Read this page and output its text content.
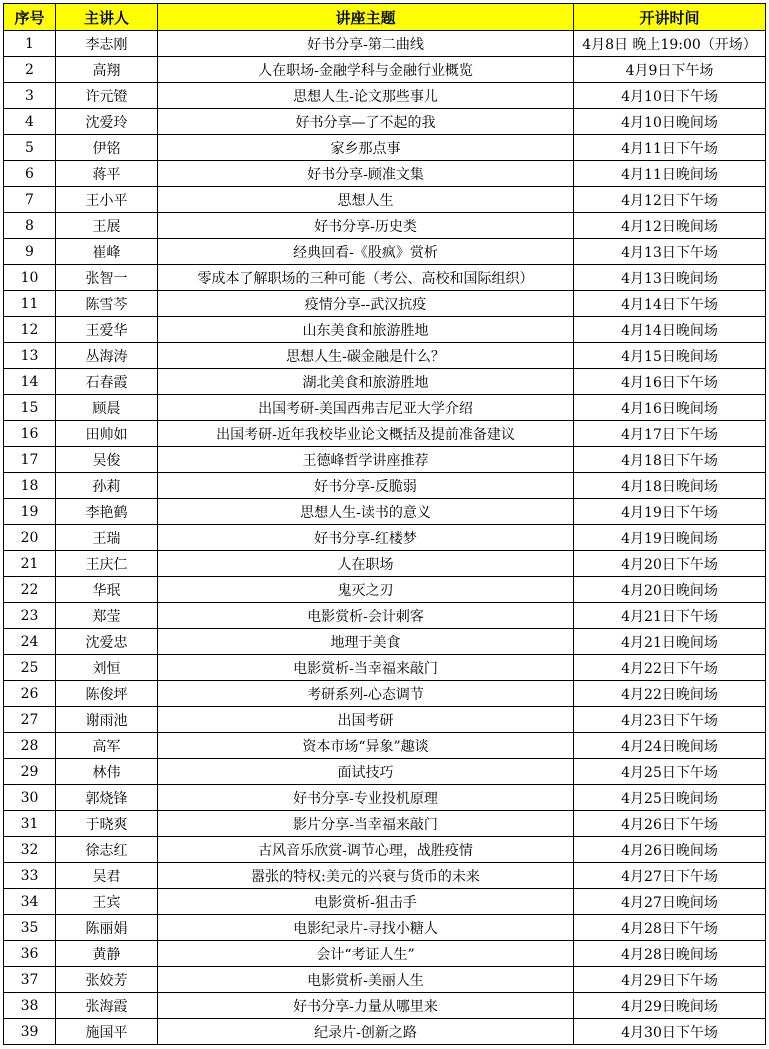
序号	主讲人	讲座主题	开讲时间
1	李志刚	好书分享-第二曲线	4月8日 晚上19:00（开场）
2	高翔	人在职场-金融学科与金融行业概览	4月9日下午场
3	许元镫	思想人生-论文那些事儿	4月10日下午场
4	沈爱玲	好书分享—了不起的我	4月10日晚间场
5	伊铭	家乡那点事	4月11日下午场
6	蒋平	好书分享-顾准文集	4月11日晚间场
7	王小平	思想人生	4月12日下午场
8	王展	好书分享-历史类	4月12日晚间场
9	崔峰	经典回看-《股疯》赏析	4月13日下午场
10	张智一	零成本了解职场的三种可能（考公、高校和国际组织）	4月13日晚间场
11	陈雪芩	疫情分享--武汉抗疫	4月14日下午场
12	王爱华	山东美食和旅游胜地	4月14日晚间场
13	丛海涛	思想人生-碳金融是什么？	4月15日晚间场
14	石春霞	湖北美食和旅游胜地	4月16日下午场
15	顾晨	出国考研-美国西弗吉尼亚大学介绍	4月16日晚间场
16	田帅如	出国考研-近年我校毕业论文概括及提前准备建议	4月17日下午场
17	吴俊	王德峰哲学讲座推荐	4月18日下午场
18	孙莉	好书分享-反脆弱	4月18日晚间场
19	李艳鹤	思想人生-读书的意义	4月19日下午场
20	王瑞	好书分享-红楼梦	4月19日晚间场
21	王庆仁	人在职场	4月20日下午场
22	华珉	鬼灭之刃	4月20日晚间场
23	郑莹	电影赏析-会计刺客	4月21日下午场
24	沈爱忠	地理于美食	4月21日晚间场
25	刘恒	电影赏析-当幸福来敲门	4月22日下午场
26	陈俊坪	考研系列-心态调节	4月22日晚间场
27	谢雨池	出国考研	4月23日下午场
28	高军	资本市场“异象”趣谈	4月24日晚间场
29	林伟	面试技巧	4月25日下午场
30	郭烧锋	好书分享-专业投机原理	4月25日晚间场
31	于晓爽	影片分享-当幸福来敲门	4月26日下午场
32	徐志红	古风音乐欣赏-调节心理，战胜疫情	4月26日晚间场
33	吴君	嚣张的特权:美元的兴衰与货币的未来	4月27日下午场
34	王宾	电影赏析-狙击手	4月27日晚间场
35	陈丽娟	电影纪录片-寻找小糖人	4月28日下午场
36	黄静	会计“考证人生”	4月28日晚间场
37	张姣芳	电影赏析-美丽人生	4月29日下午场
38	张海霞	好书分享-力量从哪里来	4月29日晚间场
39	施国平	纪录片-创新之路	4月30日下午场
